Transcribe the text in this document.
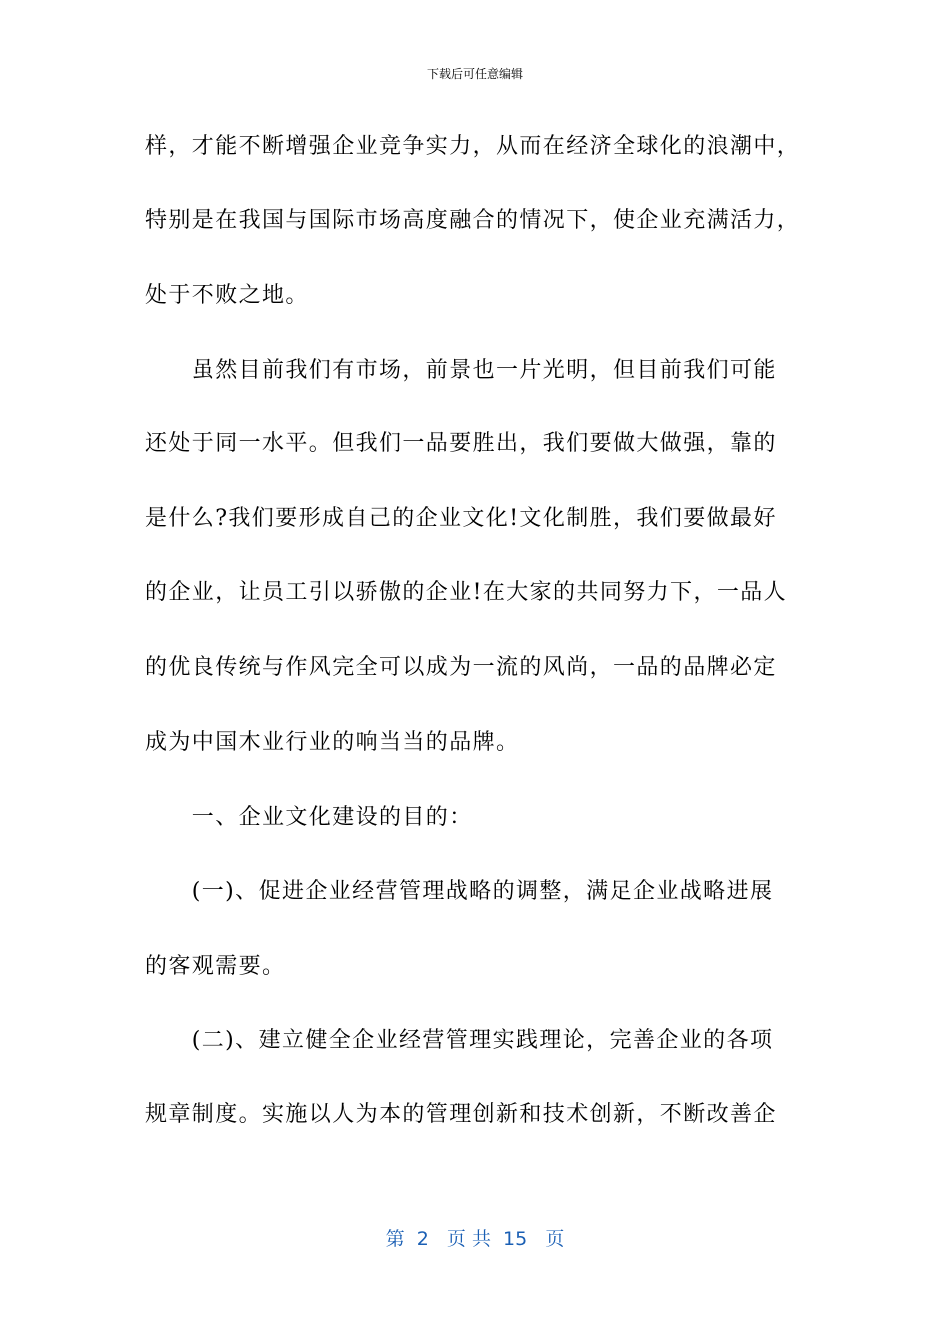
下载后可任意编辑
样，才能不断增强企业竞争实力，从而在经济全球化的浪潮中，
特别是在我国与国际市场高度融合的情况下，使企业充满活力，
处于不败之地。
　　虽然目前我们有市场，前景也一片光明，但目前我们可能
还处于同一水平。但我们一品要胜出，我们要做大做强，靠的
是什么?我们要形成自己的企业文化!文化制胜，我们要做最好
的企业，让员工引以骄傲的企业!在大家的共同努力下，一品人
的优良传统与作风完全可以成为一流的风尚，一品的品牌必定
成为中国木业行业的响当当的品牌。
　　一、企业文化建设的目的：
　　(一)、促进企业经营管理战略的调整，满足企业战略进展
的客观需要。
　　(二)、建立健全企业经营管理实践理论，完善企业的各项
规章制度。实施以人为本的管理创新和技术创新，不断改善企
第  2   页 共  15   页
